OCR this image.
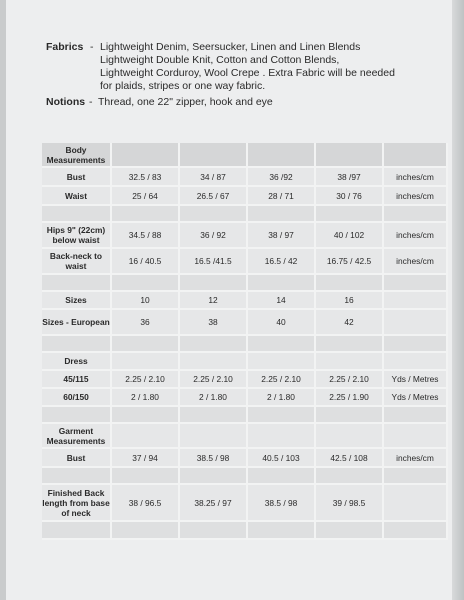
Fabrics - Lightweight Denim, Seersucker, Linen and Linen Blends
Lightweight Double Knit, Cotton and Cotton Blends,
Lightweight Corduroy, Wool Crepe . Extra Fabric will be needed
for plaids, stripes or one way fabric.
Notions - Thread, one 22" zipper, hook and eye
Body Measurements					
Bust	32.5 / 83	34 / 87	36 /92	38 /97	inches/cm
Waist	25 / 64	26.5 / 67	28 / 71	30 / 76	inches/cm

Hips 9" (22cm) below waist	34.5 / 88	36 / 92	38 / 97	40 / 102	inches/cm
Back-neck to waist	16 / 40.5	16.5 /41.5	16.5 / 42	16.75 / 42.5	inches/cm

Sizes	10	12	14	16	
Sizes - European	36	38	40	42	

Dress					
45/115	2.25 / 2.10	2.25 / 2.10	2.25 / 2.10	2.25 / 2.10	Yds / Metres
60/150	2 / 1.80	2 / 1.80	2 / 1.80	2.25 / 1.90	Yds / Metres

Garment Measurements					
Bust	37 / 94	38.5 / 98	40.5 / 103	42.5 / 108	inches/cm

Finished Back length from base of neck	38 / 96.5	38.25 / 97	38.5 / 98	39 / 98.5	
